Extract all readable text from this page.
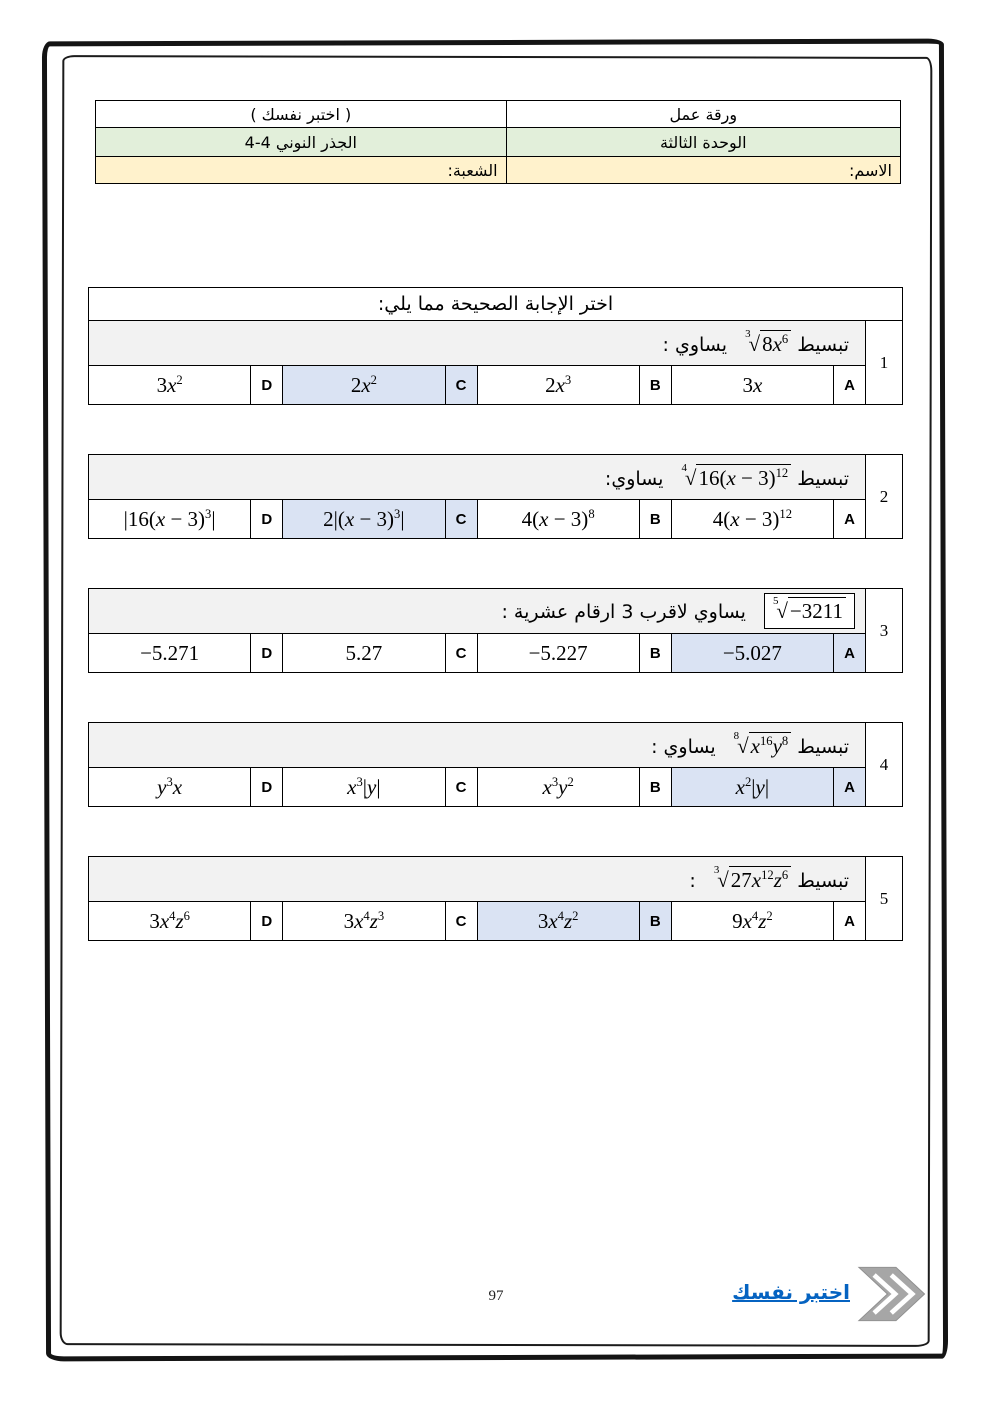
ورقة عمل	( اختبر نفسك )
الوحدة الثالثة	الجذر النوني 4-4
الاسم:	الشعبة:
اختر الإجابة الصحيحة مما يلي:								
1	تبسيط $^3√8x^6$ يساوي :							
	A	3x	B	$2x^3$	C	$2x^2$	D	$3x^2$
2	تبسيط $^4√16(x - 3)^{12}$ يساوي:							
	A	$4(x - 3)^{12}$	B	$4(x - 3)^8$	C	$2|(x - 3)^3|$	D	$|16(x - 3)^3|$
3	$^5$√−3211 يساوي لاقرب 3 ارقام عشرية :							
	A	−5.027	B	−5.227	C	5.27	D	−5.271
4	تبسيط $^8√x^{16}y^8$ يساوي :							
	A	$x^2|y|$	B	$x^3y^2$	C	$x^3|y|$	D	$y^3x$
5	تبسيط $^3√27x^{12}z^6$ :							
	A	$9x^4z^2$	B	$3x^4z^2$	C	$3x^4z^3$	D	$3x^4z^6$
97	اختبر نفسك
